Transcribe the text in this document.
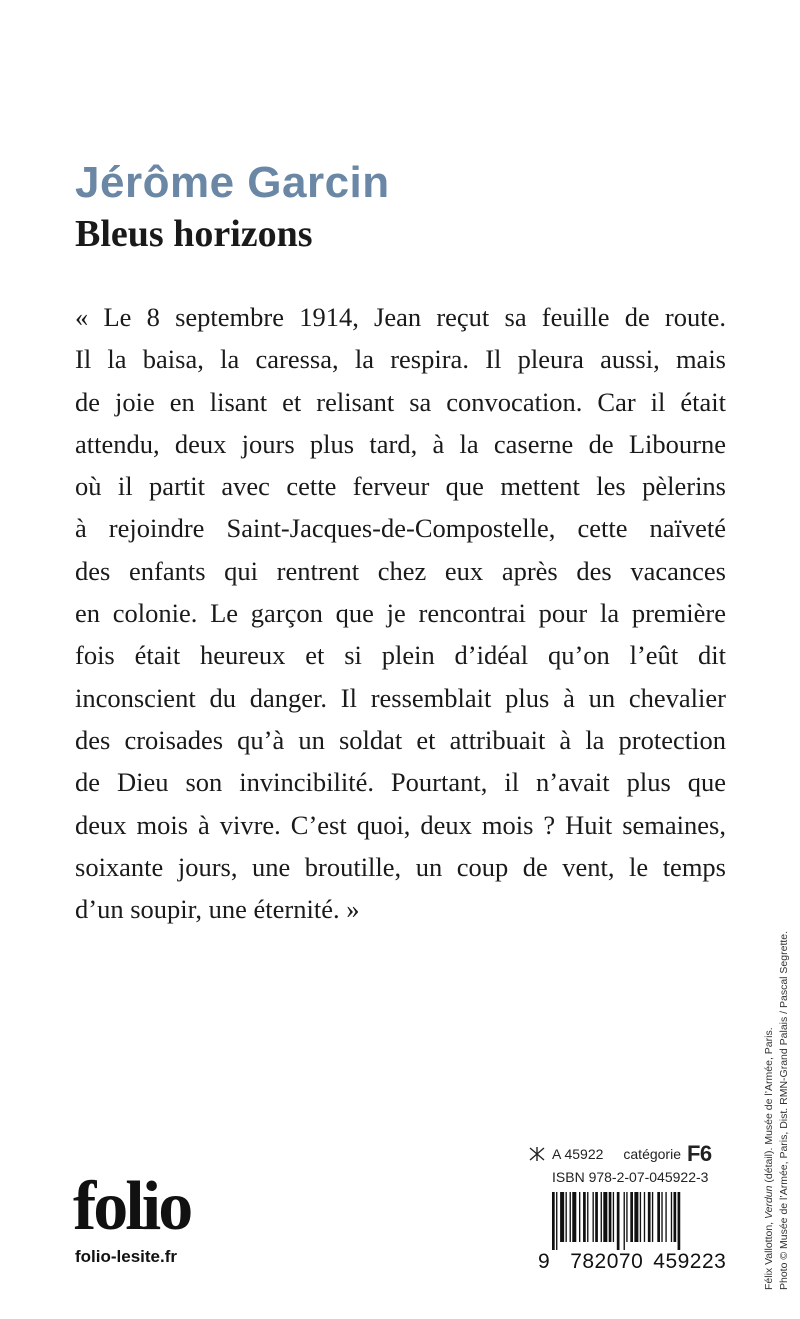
Jérôme Garcin
Bleus horizons
« Le 8 septembre 1914, Jean reçut sa feuille de route.
Il la baisa, la caressa, la respira. Il pleura aussi, mais
de joie en lisant et relisant sa convocation. Car il était
attendu, deux jours plus tard, à la caserne de Libourne
où il partit avec cette ferveur que mettent les pèlerins
à rejoindre Saint-Jacques-de-Compostelle, cette naïveté
des enfants qui rentrent chez eux après des vacances
en colonie. Le garçon que je rencontrai pour la première
fois était heureux et si plein d’idéal qu’on l’eût dit
inconscient du danger. Il ressemblait plus à un chevalier
des croisades qu’à un soldat et attribuait à la protection
de Dieu son invincibilité. Pourtant, il n’avait plus que
deux mois à vivre. C’est quoi, deux mois ? Huit semaines,
soixante jours, une broutille, un coup de vent, le temps
d’un soupir, une éternité. »
Félix Vallotton, Verdun (détail). Musée de l’Armée, Paris. Photo © Musée de l’Armée, Paris, Dist. RMN-Grand Palais / Pascal Segrette.
A 45922 catégorie F6
ISBN 978-2-07-045922-3
9 782070 459223
folio
folio-lesite.fr
